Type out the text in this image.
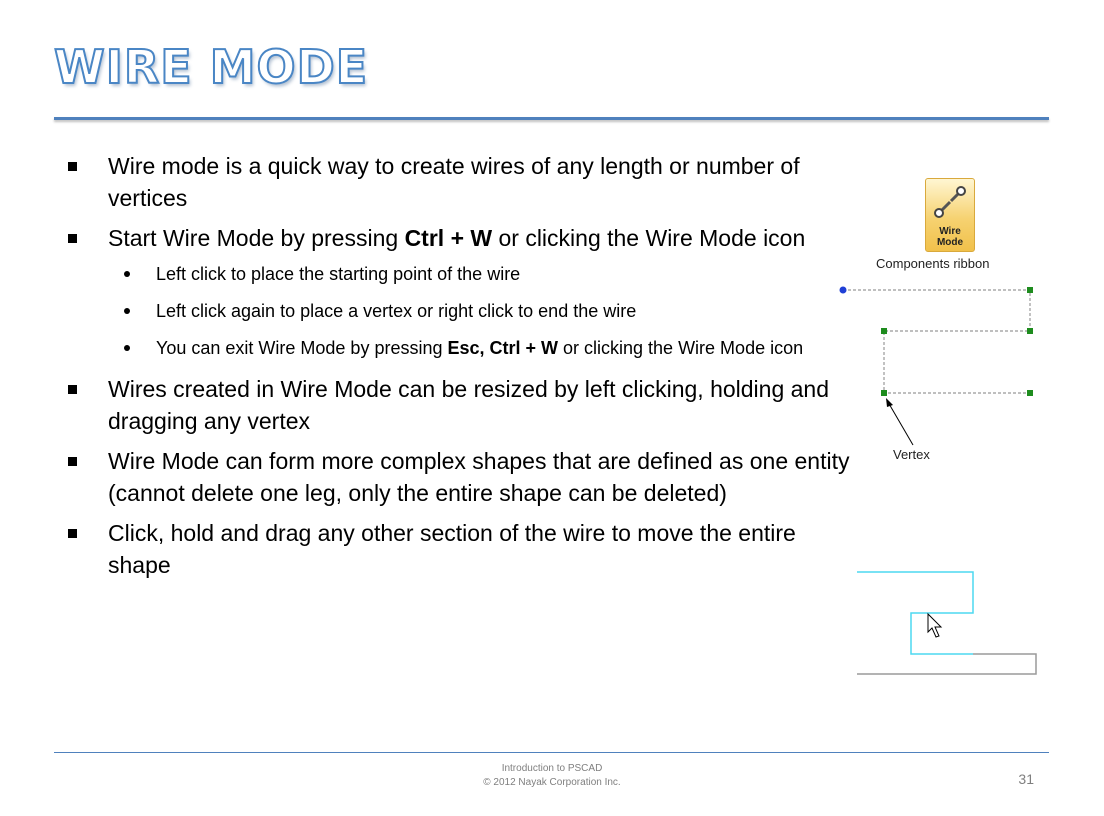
WIRE MODE
Wire mode is a quick way to create wires of any length or number of vertices
Start Wire Mode by pressing Ctrl + W or clicking the Wire Mode icon
Left click to place the starting point of the wire
Left click again to place a vertex or right click to end the wire
You can exit Wire Mode by pressing Esc, Ctrl + W or clicking the Wire Mode icon
Wires created in Wire Mode can be resized by left clicking, holding and dragging any vertex
Wire Mode can form more complex shapes that are defined as one entity (cannot delete one leg, only the entire shape can be deleted)
Click, hold and drag any other section of the wire to move the entire shape
Wire
Mode
Components ribbon
Vertex
Introduction to PSCAD
© 2012 Nayak Corporation Inc.	31
